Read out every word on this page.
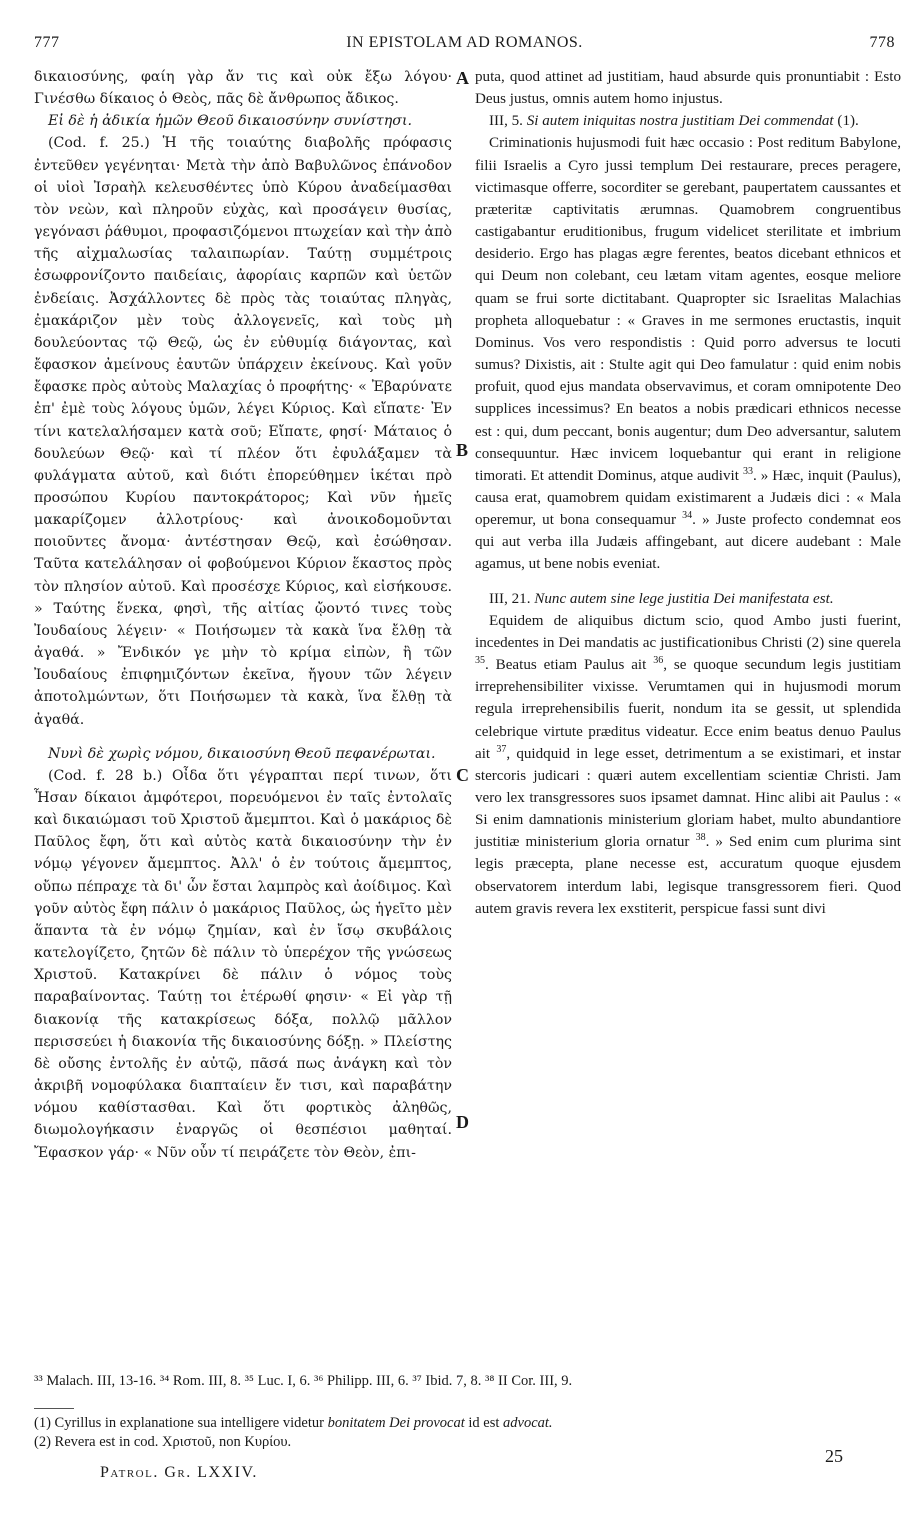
777	IN EPISTOLAM AD ROMANOS.	778

δικαιοσύνης, φαίη γὰρ ἄν τις καὶ οὐκ ἔξω λόγου· Γινέσθω δίκαιος ὁ Θεὸς, πᾶς δὲ ἄνθρωπος ἄδικος.

Εἰ δὲ ἡ ἀδικία ἡμῶν Θεοῦ δικαιοσύνην συνίστησι.

(Cod. f. 25.) Ἡ τῆς τοιαύτης διαβολῆς πρόφασις ἐντεῦθεν γεγένηται· Μετὰ τὴν ἀπὸ Βαβυλῶνος ἐπάνοδον οἱ υἱοὶ Ἰσραὴλ κελευσθέντες ὑπὸ Κύρου ἀναδείμασθαι τὸν νεὼν, καὶ πληροῦν εὐχὰς, καὶ προσάγειν θυσίας, γεγόνασι ῥάθυμοι, προφασιζόμενοι πτωχείαν καὶ τὴν ἀπὸ τῆς αἰχμαλωσίας ταλαιπωρίαν. Ταύτῃ συμμέτροις ἐσωφρονίζοντο παιδείαις, ἀφορίαις καρπῶν καὶ ὑετῶν ἐνδείαις. Ἀσχάλλοντες δὲ πρὸς τὰς τοιαύτας πληγὰς, ἐμακάριζον μὲν τοὺς ἀλλογενεῖς, καὶ τοὺς μὴ δουλεύοντας τῷ Θεῷ, ὡς ἐν εὐθυμίᾳ διάγοντας, καὶ ἔφασκον ἀμείνους ἑαυτῶν ὑπάρχειν ἐκείνους. Καὶ γοῦν ἔφασκε πρὸς αὐτοὺς Μαλαχίας ὁ προφήτης· « Ἐβαρύνατε ἐπ' ἐμὲ τοὺς λόγους ὑμῶν, λέγει Κύριος. Καὶ εἴπατε· Ἐν τίνι κατελαλήσαμεν κατὰ σοῦ; Εἴπατε, φησί· Μάταιος ὁ δουλεύων Θεῷ· καὶ τί πλέον ὅτι ἐφυλάξαμεν τὰ φυλάγματα αὐτοῦ, καὶ διότι ἐπορεύθημεν ἱκέται πρὸ προσώπου Κυρίου παντοκράτορος; Καὶ νῦν ἡμεῖς μακαρίζομεν ἀλλοτρίους· καὶ ἀνοικοδομοῦνται ποιοῦντες ἄνομα· ἀντέστησαν Θεῷ, καὶ ἐσώθησαν. Ταῦτα κατελάλησαν οἱ φοβούμενοι Κύριον ἕκαστος πρὸς τὸν πλησίον αὐτοῦ. Καὶ προσέσχε Κύριος, καὶ εἰσήκουσε. » Ταύτης ἕνεκα, φησὶ, τῆς αἰτίας ᾤοντό τινες τοὺς Ἰουδαίους λέγειν· « Ποιήσωμεν τὰ κακὰ ἵνα ἔλθῃ τὰ ἀγαθά. » Ἔνδικόν γε μὴν τὸ κρίμα εἰπὼν, ἢ τῶν Ἰουδαίους ἐπιφημιζόντων ἐκεῖνα, ἤγουν τῶν λέγειν ἀποτολμώντων, ὅτι Ποιήσωμεν τὰ κακὰ, ἵνα ἔλθῃ τὰ ἀγαθά.

Νυνὶ δὲ χωρὶς νόμου, δικαιοσύνη Θεοῦ πεφανέρωται.

(Cod. f. 28 b.) Οἶδα ὅτι γέγραπται περί τινων, ὅτι Ἦσαν δίκαιοι ἀμφότεροι, πορευόμενοι ἐν ταῖς ἐντολαῖς καὶ δικαιώμασι τοῦ Χριστοῦ ἄμεμπτοι. Καὶ ὁ μακάριος δὲ Παῦλος ἔφη, ὅτι καὶ αὐτὸς κατὰ δικαιοσύνην τὴν ἐν νόμῳ γέγονεν ἄμεμπτος. Ἀλλ' ὁ ἐν τούτοις ἄμεμπτος, οὔπω πέπραχε τὰ δι' ὧν ἔσται λαμπρὸς καὶ ἀοίδιμος. Καὶ γοῦν αὐτὸς ἔφη πάλιν ὁ μακάριος Παῦλος, ὡς ἡγεῖτο μὲν ἅπαντα τὰ ἐν νόμῳ ζημίαν, καὶ ἐν ἴσῳ σκυβάλοις κατελογίζετο, ζητῶν δὲ πάλιν τὸ ὑπερέχον τῆς γνώσεως Χριστοῦ. Κατακρίνει δὲ πάλιν ὁ νόμος τοὺς παραβαίνοντας. Ταύτῃ τοι ἑτέρωθί φησιν· « Εἰ γὰρ τῇ διακονίᾳ τῆς κατακρίσεως δόξα, πολλῷ μᾶλλον περισσεύει ἡ διακονία τῆς δικαιοσύνης δόξῃ. » Πλείστης δὲ οὔσης ἐντολῆς ἐν αὐτῷ, πᾶσά πως ἀνάγκη καὶ τὸν ἀκριβῆ νομοφύλακα διαπταίειν ἔν τισι, καὶ παραβάτην νόμου καθίστασθαι. Καὶ ὅτι φορτικὸς ἀληθῶς, διωμολογήκασιν ἐναργῶς οἱ θεσπέσιοι μαθηταί. Ἔφασκον γάρ· « Νῦν οὖν τί πειράζετε τὸν Θεὸν, ἐπι-

puta, quod attinet ad justitiam, haud absurde quis pronuntiabit : Esto Deus justus, omnis autem homo injustus.

III, 5. Si autem iniquitas nostra justitiam Dei commendat (1).

Criminationis hujusmodi fuit hæc occasio : Post reditum Babylone, filii Israelis a Cyro jussi templum Dei restaurare, preces peragere, victimasque offerre, socorditer se gerebant, paupertatem caussantes et præteritæ captivitatis ærumnas. Quamobrem congruentibus castigabantur eruditionibus, frugum videlicet sterilitate et imbrium desiderio. Ergo has plagas ægre ferentes, beatos dicebant ethnicos et qui Deum non colebant, ceu lætam vitam agentes, eosque meliore quam se frui sorte dictitabant. Quapropter sic Israelitas Malachias propheta alloquebatur : « Graves in me sermones eructastis, inquit Dominus. Vos vero respondistis : Quid porro adversus te locuti sumus? Dixistis, ait : Stulte agit qui Deo famulatur : quid enim nobis profuit, quod ejus mandata observavimus, et coram omnipotente Deo supplices incessimus? En beatos a nobis prædicari ethnicos necesse est : qui, dum peccant, bonis augentur; dum Deo adversantur, salutem consequuntur. Hæc invicem loquebantur qui erant in religione timorati. Et attendit Dominus, atque audivit $^{33}$. » Hæc, inquit (Paulus), causa erat, quamobrem quidam existimarent a Judæis dici : « Mala operemur, ut bona consequamur $^{34}$. » Juste profecto condemnat eos qui aut verba illa Judæis affingebant, aut dicere audebant : Male agamus, ut bene nobis eveniat.

III, 21. Nunc autem sine lege justitia Dei manifestata est.

Equidem de aliquibus dictum scio, quod Ambo justi fuerint, incedentes in Dei mandatis ac justificationibus Christi (2) sine querela $^{35}$. Beatus etiam Paulus ait $^{36}$, se quoque secundum legis justitiam irreprehensibiliter vixisse. Verumtamen qui in hujusmodi morum regula irreprehensibilis fuerit, nondum ita se gessit, ut splendida celebrique virtute præditus videatur. Ecce enim beatus denuo Paulus ait $^{37}$, quidquid in lege esset, detrimentum a se existimari, et instar stercoris judicari : quæri autem excellentiam scientiæ Christi. Jam vero lex transgressores suos ipsamet damnat. Hinc alibi ait Paulus : « Si enim damnationis ministerium gloriam habet, multo abundantiore justitiæ ministerium gloria ornatur $^{38}$. » Sed enim cum plurima sint legis præcepta, plane necesse est, accuratum quoque ejusdem observatorem interdum labi, legisque transgressorem fieri. Quod autem gravis revera lex exstiterit, perspicue fassi sunt divi

A
B
C
D

³³ Malach. III, 13-16. ³⁴ Rom. III, 8. ³⁵ Luc. I, 6. ³⁶ Philipp. III, 6. ³⁷ Ibid. 7, 8. ³⁸ II Cor. III, 9.

(1) Cyrillus in explanatione sua intelligere videtur bonitatem Dei provocat id est advocat.

(2) Revera est in cod. Χριστοῦ, non Κυρίου.

Patrol. Gr. LXXIV.
25
